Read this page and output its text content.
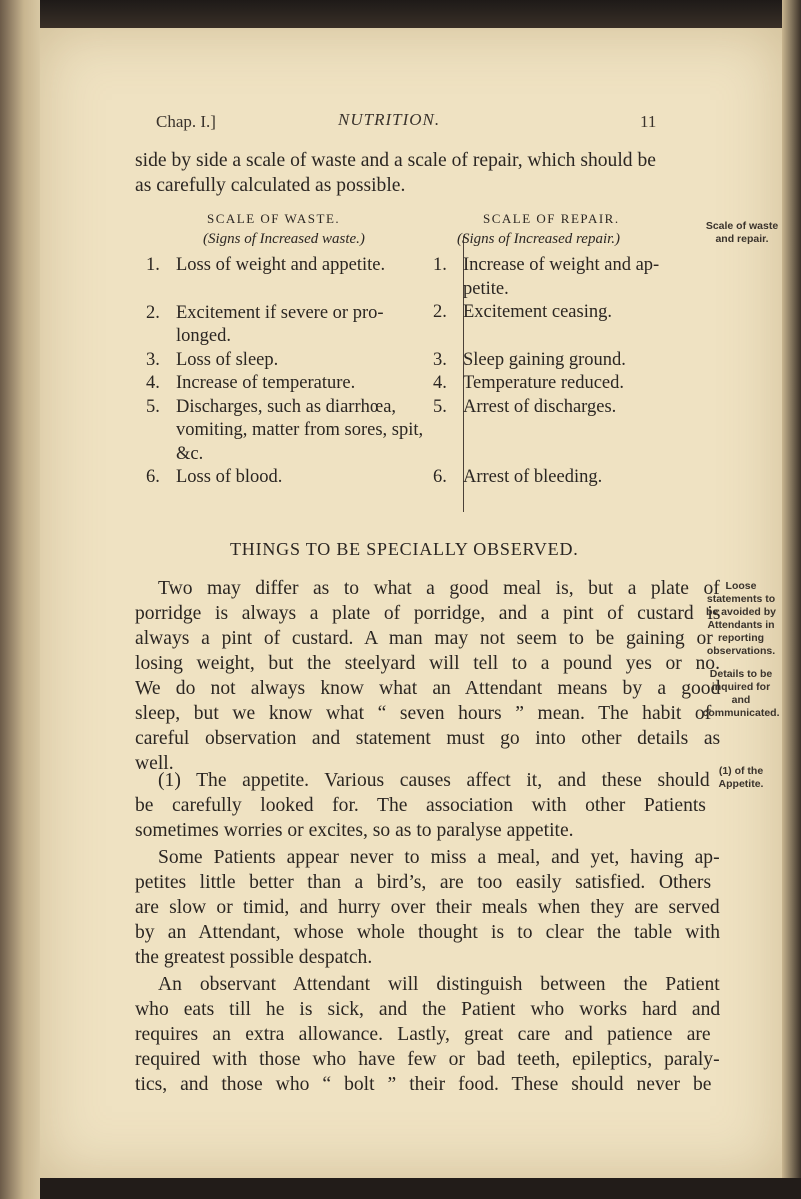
Chap. I.]	NUTRITION.	11
side by side a scale of waste and a scale of repair, which should be
as carefully calculated as possible.
SCALE OF WASTE.
(Signs of Increased waste.)
1. Loss of weight and appetite.
2. Excitement if severe or pro-longed.
3. Loss of sleep.
4. Increase of temperature.
5. Discharges, such as diarrhœa, vomiting, matter from sores, spit, &c.
6. Loss of blood.
SCALE OF REPAIR.
(Signs of Increased repair.)
1. Increase of weight and ap-petite.
2. Excitement ceasing.
3. Sleep gaining ground.
4. Temperature reduced.
5. Arrest of discharges.
6. Arrest of bleeding.
Scale of waste and repair.
THINGS TO BE SPECIALLY OBSERVED.
Two may differ as to what a good meal is, but a plate of
porridge is always a plate of porridge, and a pint of custard is
always a pint of custard. A man may not seem to be gaining or
losing weight, but the steelyard will tell to a pound yes or no.
We do not always know what an Attendant means by a good
sleep, but we know what “ seven hours ” mean. The habit of
careful observation and statement must go into other details as
well.
(1) The appetite. Various causes affect it, and these should
be carefully looked for. The association with other Patients
sometimes worries or excites, so as to paralyse appetite.
Some Patients appear never to miss a meal, and yet, having ap-
petites little better than a bird’s, are too easily satisfied. Others
are slow or timid, and hurry over their meals when they are served
by an Attendant, whose whole thought is to clear the table with
the greatest possible despatch.
An observant Attendant will distinguish between the Patient
who eats till he is sick, and the Patient who works hard and
requires an extra allowance. Lastly, great care and patience are
required with those who have few or bad teeth, epileptics, paraly-
tics, and those who “ bolt ” their food. These should never be
Loose statements to be avoided by Attendants in reporting observations.
Details to be inquired for and communicated.
(1) of the Appetite.
